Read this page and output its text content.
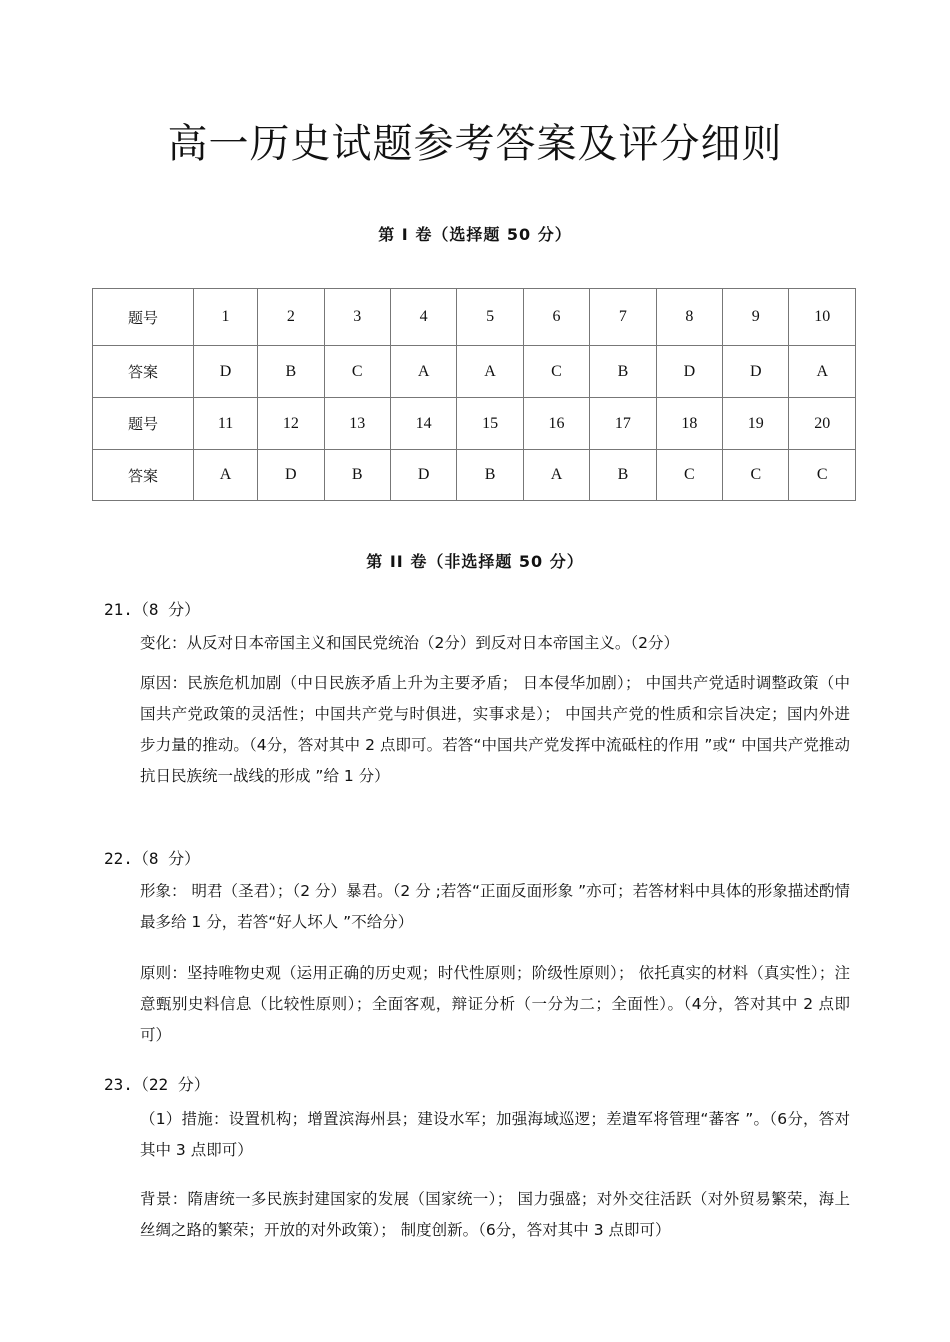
高一历史试题参考答案及评分细则
第 I 卷（选择题 50 分）
题号	1	2	3	4	5	6	7	8	9	10
答案	D	B	C	A	A	C	B	D	D	A
题号	11	12	13	14	15	16	17	18	19	20
答案	A	D	B	D	B	A	B	C	C	C
第 II 卷（非选择题 50 分）
21.（8 分）
变化：从反对日本帝国主义和国民党统治（2分）到反对日本帝国主义。（2分）
原因：民族危机加剧（中日民族矛盾上升为主要矛盾； 日本侵华加剧）； 中国共产党适时调整政策（中国共产党政策的灵活性；中国共产党与时俱进，实事求是）； 中国共产党的性质和宗旨决定；国内外进步力量的推动。（4分，答对其中 2 点即可。若答“中国共产党发挥中流砥柱的作用 ”或“ 中国共产党推动抗日民族统一战线的形成 ”给 1 分）
22.（8 分）
形象： 明君（圣君）；（2 分）暴君。（2 分 ;若答“正面反面形象 ”亦可；若答材料中具体的形象描述酌情最多给 1 分，若答“好人坏人 ”不给分）
原则：坚持唯物史观（运用正确的历史观；时代性原则；阶级性原则）； 依托真实的材料（真实性）；注意甄别史料信息（比较性原则）；全面客观，辩证分析（一分为二；全面性）。（4分，答对其中 2 点即可）
23.（22 分）
（1）措施：设置机构；增置滨海州县；建设水军；加强海域巡逻；差遣军将管理“蕃客 ”。（6分，答对其中 3 点即可）
背景：隋唐统一多民族封建国家的发展（国家统一）； 国力强盛；对外交往活跃（对外贸易繁荣，海上丝绸之路的繁荣；开放的对外政策）； 制度创新。（6分，答对其中 3 点即可）
